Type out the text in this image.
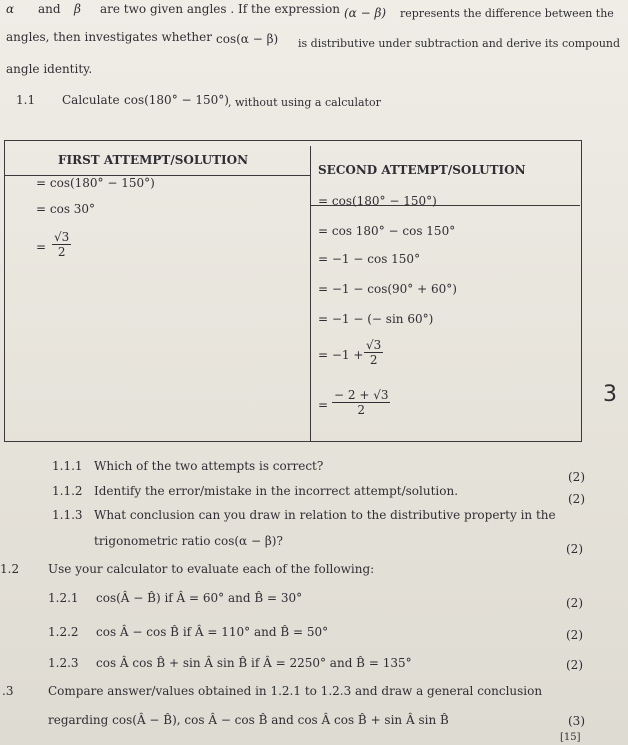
α and β are two given angles . If the expression (α − β) represents the difference between the
angles, then investigates whether cos(α − β) is distributive under subtraction and derive its compound
angle identity.
1.1 Calculate cos(180° − 150°) , without using a calculator
FIRST ATTEMPT/SOLUTION
SECOND ATTEMPT/SOLUTION
= cos(180° − 150°)
= cos 30°
= $\frac{√3}{2}$
= cos(180° − 150°)
= cos 180° − cos 150°
= −1 − cos 150°
= −1 − cos(90° + 60°)
= −1 − (− sin 60°)
= $-1 + \frac{√3}{2}$
= $\frac{- 2 + √3}{2}$	3
1.1.1 Which of the two attempts is correct?
(2)
1.1.2 Identify the error/mistake in the incorrect attempt/solution.
(2)
1.1.3 What conclusion can you draw in relation to the distributive property in the
trigonometric ratio cos(α − β)?
(2)
1.2 Use your calculator to evaluate each of the following:
1.2.1 cos(Â − B̂) if Â = 60° and B̂ = 30°	(2)
1.2.2 cos Â − cos B̂ if Â = 110° and B̂ = 50°	(2)
1.2.3 cos Â cos B̂ + sin Â sin B̂ if Â = 2250° and B̂ = 135°	(2)
.3	Compare answer/values obtained in 1.2.1 to 1.2.3 and draw a general conclusion
regarding cos(Â − B̂), cos Â − cos B̂ and cos Â cos B̂ + sin Â sin B̂	(3)
[15]
